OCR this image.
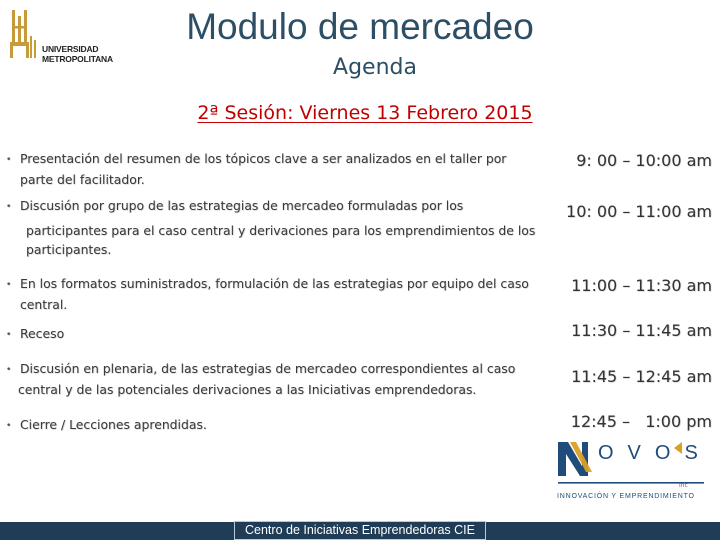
UNIVERSIDAD
METROPOLITANA
Modulo de mercadeo
Agenda
2ª Sesión: Viernes 13 Febrero 2015
• Presentación del resumen de los tópicos clave a ser analizados en el taller por
parte del facilitador.
9: 00 – 10:00 am
• Discusión por grupo de las estrategias de mercadeo formuladas por los
participantes para el caso central y derivaciones para los emprendimientos de los
participantes.
10: 00 – 11:00 am
• En los formatos suministrados, formulación de las estrategias por equipo del caso
central.
11:00 – 11:30 am
• Receso	11:30 – 11:45 am
• Discusión en plenaria, de las estrategias de mercadeo correspondientes al caso
central y de las potenciales derivaciones a las Iniciativas emprendedoras.
11:45 – 12:45 am
• Cierre / Lecciones aprendidas.	12:45 –   1:00 pm
OVOS
inc
INNOVACIÓN Y EMPRENDIMIENTO
Centro de Iniciativas Emprendedoras CIE
